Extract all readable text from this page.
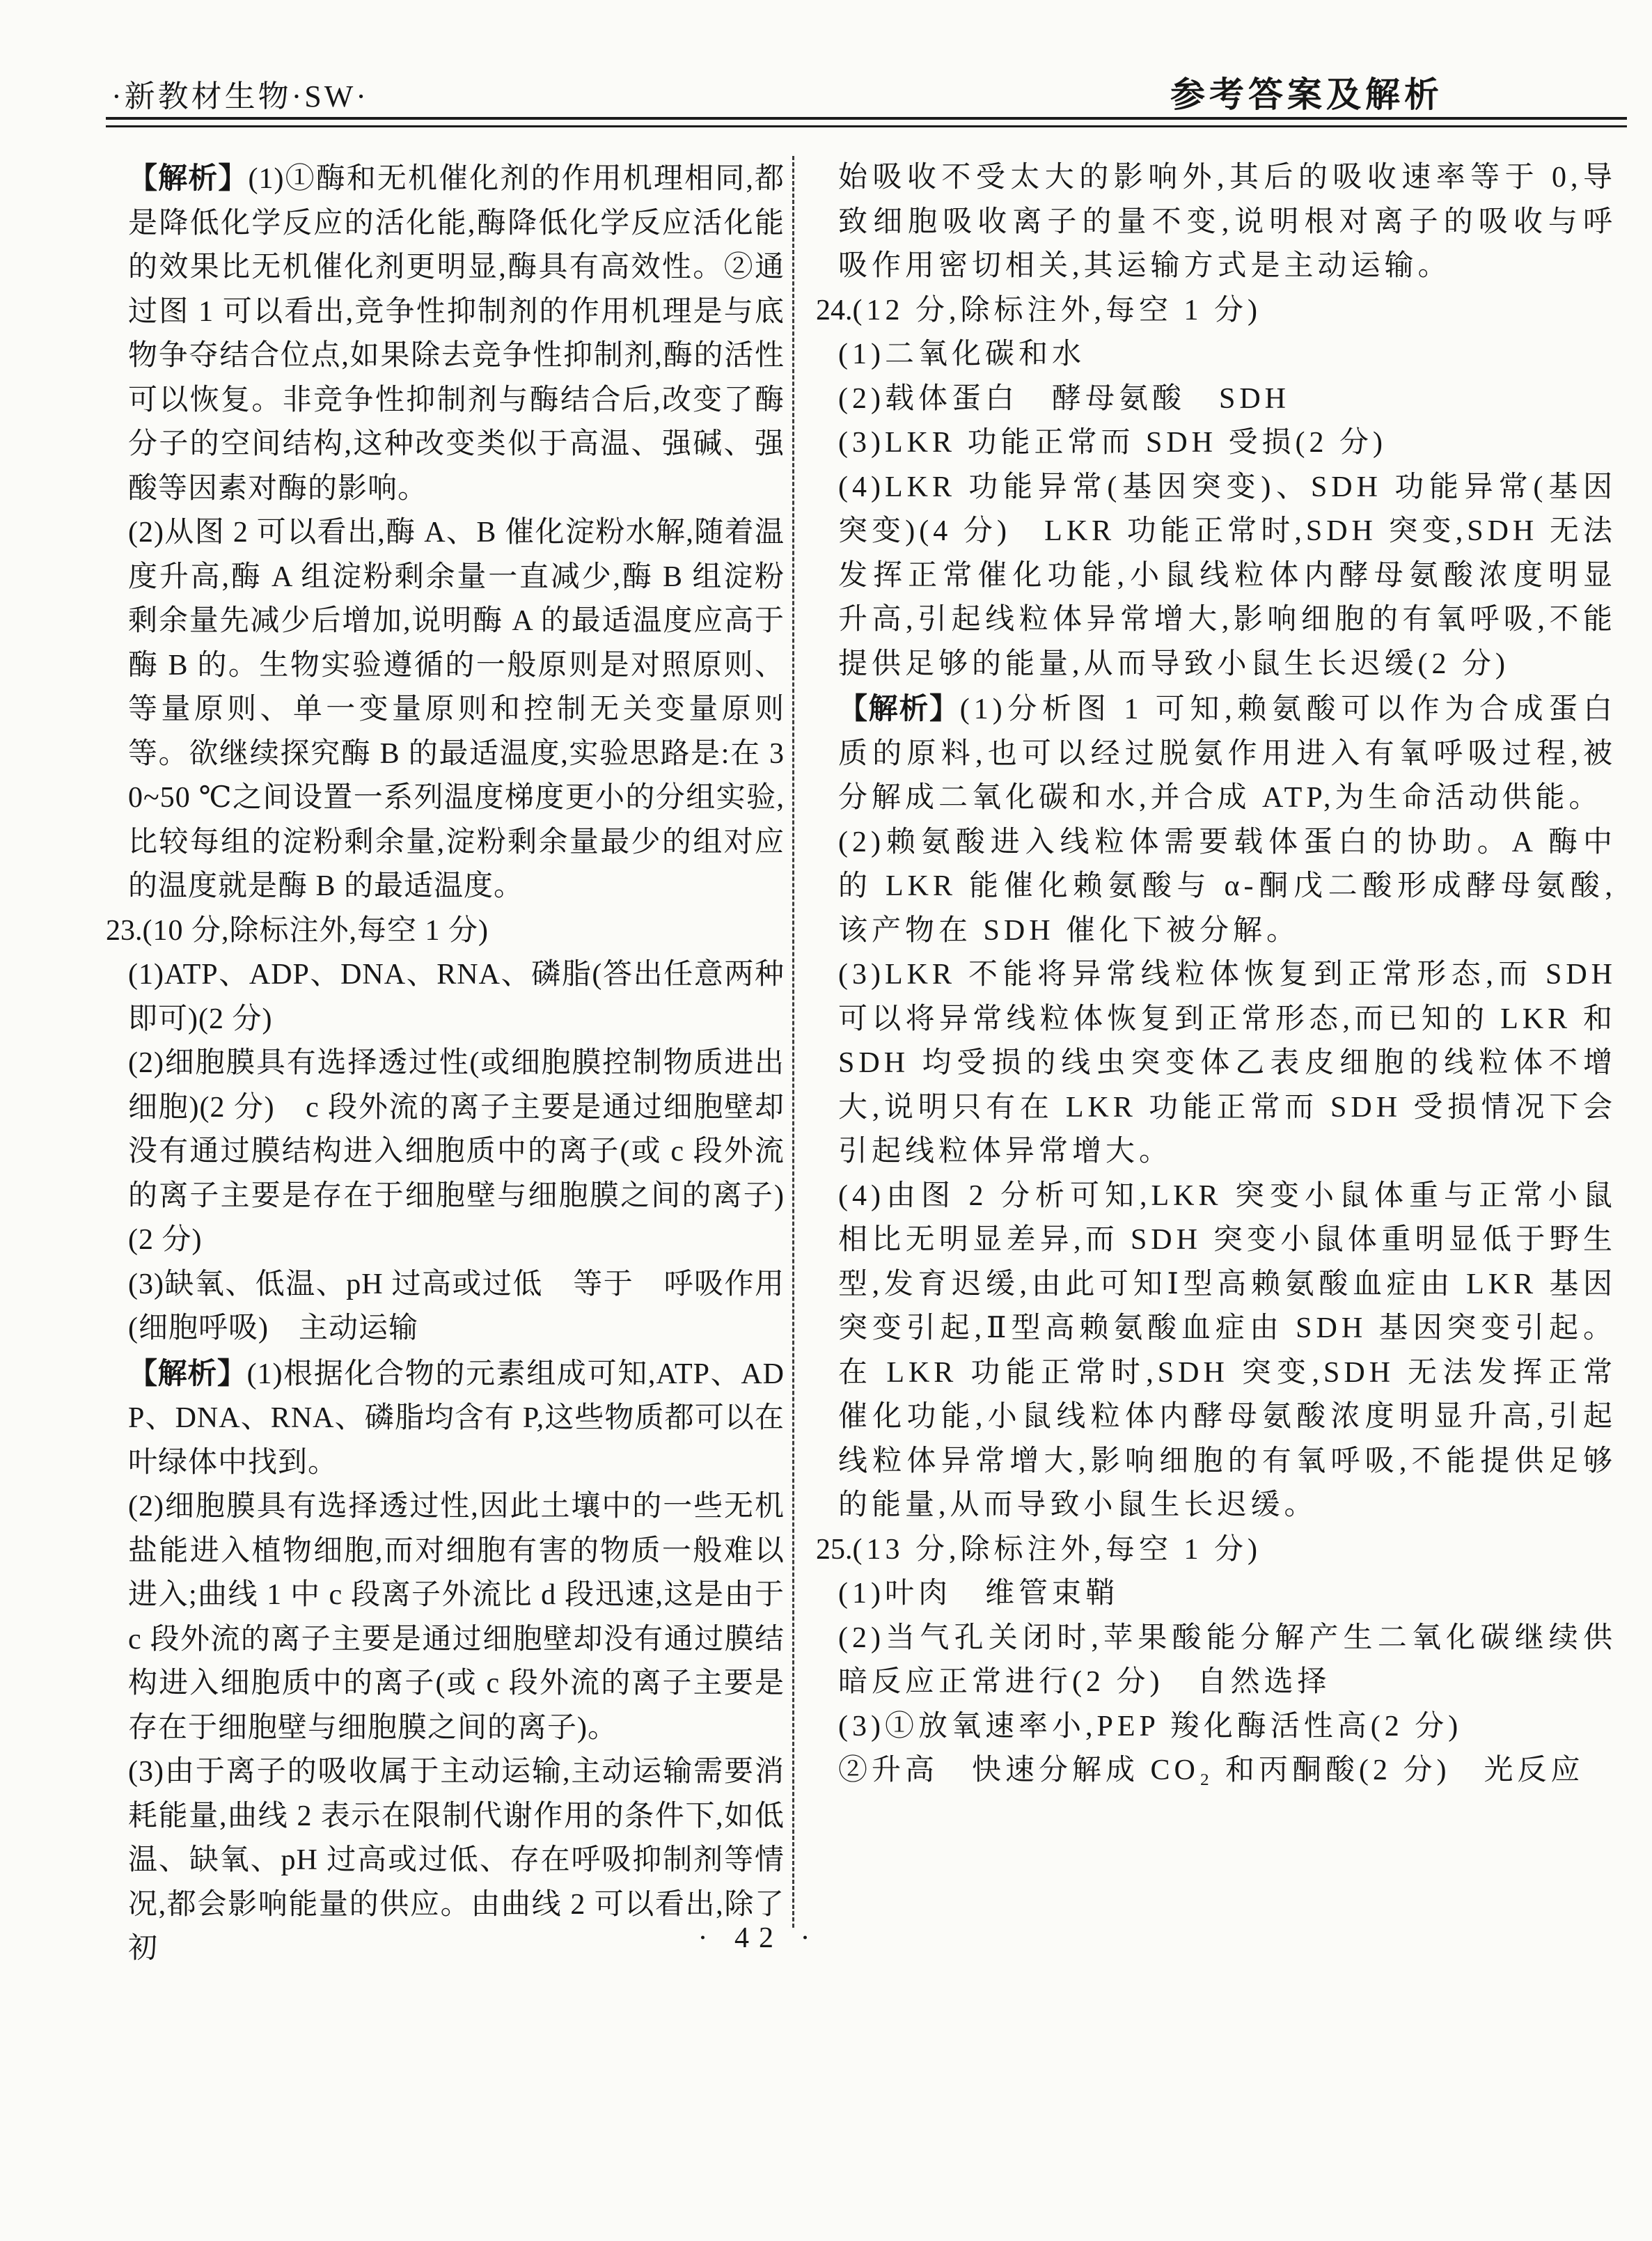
·新教材生物·SW·	参考答案及解析
【解析】(1)①酶和无机催化剂的作用机理相同,都是降低化学反应的活化能,酶降低化学反应活化能的效果比无机催化剂更明显,酶具有高效性。②通过图 1 可以看出,竞争性抑制剂的作用机理是与底物争夺结合位点,如果除去竞争性抑制剂,酶的活性可以恢复。非竞争性抑制剂与酶结合后,改变了酶分子的空间结构,这种改变类似于高温、强碱、强酸等因素对酶的影响。
(2)从图 2 可以看出,酶 A、B 催化淀粉水解,随着温度升高,酶 A 组淀粉剩余量一直减少,酶 B 组淀粉剩余量先减少后增加,说明酶 A 的最适温度应高于酶 B 的。生物实验遵循的一般原则是对照原则、等量原则、单一变量原则和控制无关变量原则等。欲继续探究酶 B 的最适温度,实验思路是:在 30~50 ℃之间设置一系列温度梯度更小的分组实验,比较每组的淀粉剩余量,淀粉剩余量最少的组对应的温度就是酶 B 的最适温度。
23.(10 分,除标注外,每空 1 分)
(1)ATP、ADP、DNA、RNA、磷脂(答出任意两种即可)(2 分)
(2)细胞膜具有选择透过性(或细胞膜控制物质进出细胞)(2 分)　c 段外流的离子主要是通过细胞壁却没有通过膜结构进入细胞质中的离子(或 c 段外流的离子主要是存在于细胞壁与细胞膜之间的离子)(2 分)
(3)缺氧、低温、pH 过高或过低　等于　呼吸作用(细胞呼吸)　主动运输
【解析】(1)根据化合物的元素组成可知,ATP、ADP、DNA、RNA、磷脂均含有 P,这些物质都可以在叶绿体中找到。
(2)细胞膜具有选择透过性,因此土壤中的一些无机盐能进入植物细胞,而对细胞有害的物质一般难以进入;曲线 1 中 c 段离子外流比 d 段迅速,这是由于 c 段外流的离子主要是通过细胞壁却没有通过膜结构进入细胞质中的离子(或 c 段外流的离子主要是存在于细胞壁与细胞膜之间的离子)。
(3)由于离子的吸收属于主动运输,主动运输需要消耗能量,曲线 2 表示在限制代谢作用的条件下,如低温、缺氧、pH 过高或过低、存在呼吸抑制剂等情况,都会影响能量的供应。由曲线 2 可以看出,除了初
始吸收不受太大的影响外,其后的吸收速率等于 0,导致细胞吸收离子的量不变,说明根对离子的吸收与呼吸作用密切相关,其运输方式是主动运输。
24.(12 分,除标注外,每空 1 分)
(1)二氧化碳和水
(2)载体蛋白　酵母氨酸　SDH
(3)LKR 功能正常而 SDH 受损(2 分)
(4)LKR 功能异常(基因突变)、SDH 功能异常(基因突变)(4 分)　LKR 功能正常时,SDH 突变,SDH 无法发挥正常催化功能,小鼠线粒体内酵母氨酸浓度明显升高,引起线粒体异常增大,影响细胞的有氧呼吸,不能提供足够的能量,从而导致小鼠生长迟缓(2 分)
【解析】(1)分析图 1 可知,赖氨酸可以作为合成蛋白质的原料,也可以经过脱氨作用进入有氧呼吸过程,被分解成二氧化碳和水,并合成 ATP,为生命活动供能。
(2)赖氨酸进入线粒体需要载体蛋白的协助。A 酶中的 LKR 能催化赖氨酸与 α-酮戊二酸形成酵母氨酸,该产物在 SDH 催化下被分解。
(3)LKR 不能将异常线粒体恢复到正常形态,而 SDH 可以将异常线粒体恢复到正常形态,而已知的 LKR 和 SDH 均受损的线虫突变体乙表皮细胞的线粒体不增大,说明只有在 LKR 功能正常而 SDH 受损情况下会引起线粒体异常增大。
(4)由图 2 分析可知,LKR 突变小鼠体重与正常小鼠相比无明显差异,而 SDH 突变小鼠体重明显低于野生型,发育迟缓,由此可知Ⅰ型高赖氨酸血症由 LKR 基因突变引起,Ⅱ型高赖氨酸血症由 SDH 基因突变引起。在 LKR 功能正常时,SDH 突变,SDH 无法发挥正常催化功能,小鼠线粒体内酵母氨酸浓度明显升高,引起线粒体异常增大,影响细胞的有氧呼吸,不能提供足够的能量,从而导致小鼠生长迟缓。
25.(13 分,除标注外,每空 1 分)
(1)叶肉　维管束鞘
(2)当气孔关闭时,苹果酸能分解产生二氧化碳继续供暗反应正常进行(2 分)　自然选择
(3)①放氧速率小,PEP 羧化酶活性高(2 分)
②升高　快速分解成 CO₂ 和丙酮酸(2 分)　光反应
· 42 ·
